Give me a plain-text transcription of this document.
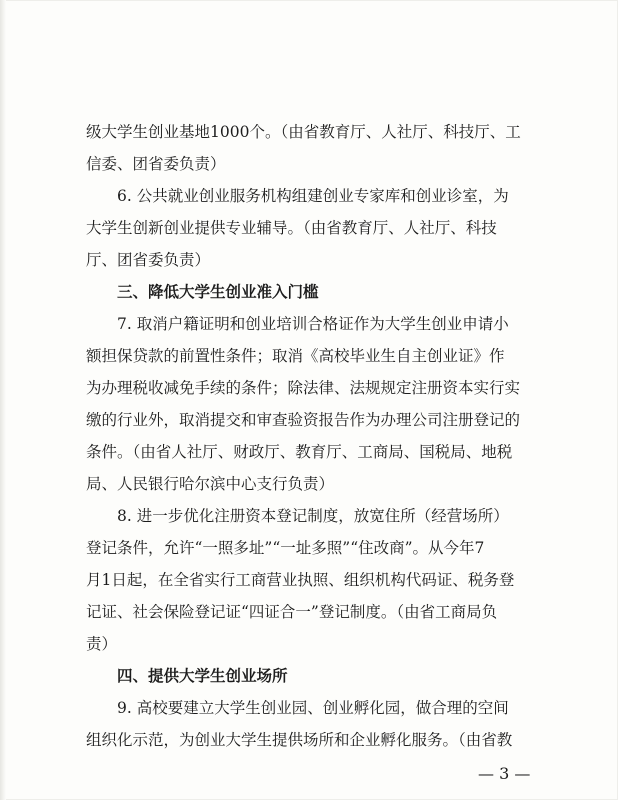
级大学生创业基地1000个。（由省教育厅、人社厅、科技厅、工
信委、团省委负责）
6. 公共就业创业服务机构组建创业专家库和创业诊室，为
大学生创新创业提供专业辅导。（由省教育厅、人社厅、科技
厅、团省委负责）
三、降低大学生创业准入门槛
7. 取消户籍证明和创业培训合格证作为大学生创业申请小
额担保贷款的前置性条件；取消《高校毕业生自主创业证》作
为办理税收减免手续的条件；除法律、法规规定注册资本实行实
缴的行业外，取消提交和审查验资报告作为办理公司注册登记的
条件。（由省人社厅、财政厅、教育厅、工商局、国税局、地税
局、人民银行哈尔滨中心支行负责）
8. 进一步优化注册资本登记制度，放宽住所（经营场所）
登记条件，允许“一照多址”“一址多照”“住改商”。从今年7
月1日起，在全省实行工商营业执照、组织机构代码证、税务登
记证、社会保险登记证“四证合一”登记制度。（由省工商局负
责）
四、提供大学生创业场所
9. 高校要建立大学生创业园、创业孵化园，做合理的空间
组织化示范，为创业大学生提供场所和企业孵化服务。（由省教
— 3 —
